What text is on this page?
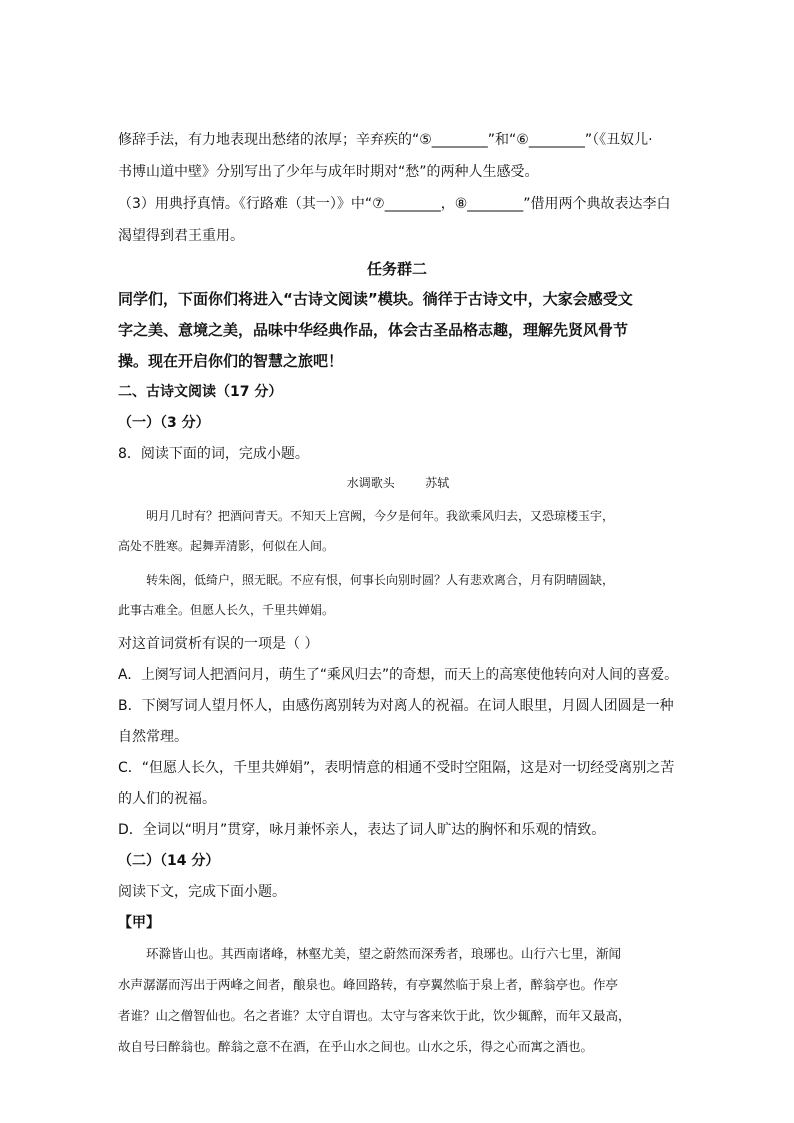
修辞手法，有力地表现出愁绪的浓厚；辛弃疾的“⑤________”和“⑥________”（《丑奴儿·

书博山道中壁》分别写出了少年与成年时期对“愁”的两种人生感受。

（3）用典抒真情。《行路难（其一）》中“⑦________，⑧________”借用两个典故表达李白

渴望得到君王重用。

任务群二

同学们，下面你们将进入“古诗文阅读”模块。徜徉于古诗文中，大家会感受文

字之美、意境之美，品味中华经典作品，体会古圣品格志趣，理解先贤风骨节

操。现在开启你们的智慧之旅吧！

二、古诗文阅读（17 分）

（一）（3 分）

8．阅读下面的词，完成小题。

水调歌头        苏轼

明月几时有？把酒问青天。不知天上宫阙，今夕是何年。我欲乘风归去，又恐琼楼玉宇，

高处不胜寒。起舞弄清影，何似在人间。

转朱阁，低绮户，照无眠。不应有恨，何事长向别时圆？人有悲欢离合，月有阴晴圆缺，

此事古难全。但愿人长久，千里共婵娟。

对这首词赏析有误的一项是（ ）

A．上阕写词人把酒问月，萌生了“乘风归去”的奇想，而天上的高寒使他转向对人间的喜爱。

B．下阕写词人望月怀人，由感伤离别转为对离人的祝福。在词人眼里，月圆人团圆是一种

自然常理。

C．“但愿人长久，千里共婵娟”，表明情意的相通不受时空阻隔，这是对一切经受离别之苦

的人们的祝福。

D．全词以“明月”贯穿，咏月兼怀亲人，表达了词人旷达的胸怀和乐观的情致。

（二）（14 分）

阅读下文，完成下面小题。

【甲】

环滁皆山也。其西南诸峰，林壑尤美，望之蔚然而深秀者，琅琊也。山行六七里，渐闻

水声潺潺而泻出于两峰之间者，酿泉也。峰回路转，有亭翼然临于泉上者，醉翁亭也。作亭

者谁？山之僧智仙也。名之者谁？太守自谓也。太守与客来饮于此，饮少辄醉，而年又最高，

故自号曰醉翁也。醉翁之意不在酒，在乎山水之间也。山水之乐，得之心而寓之酒也。
